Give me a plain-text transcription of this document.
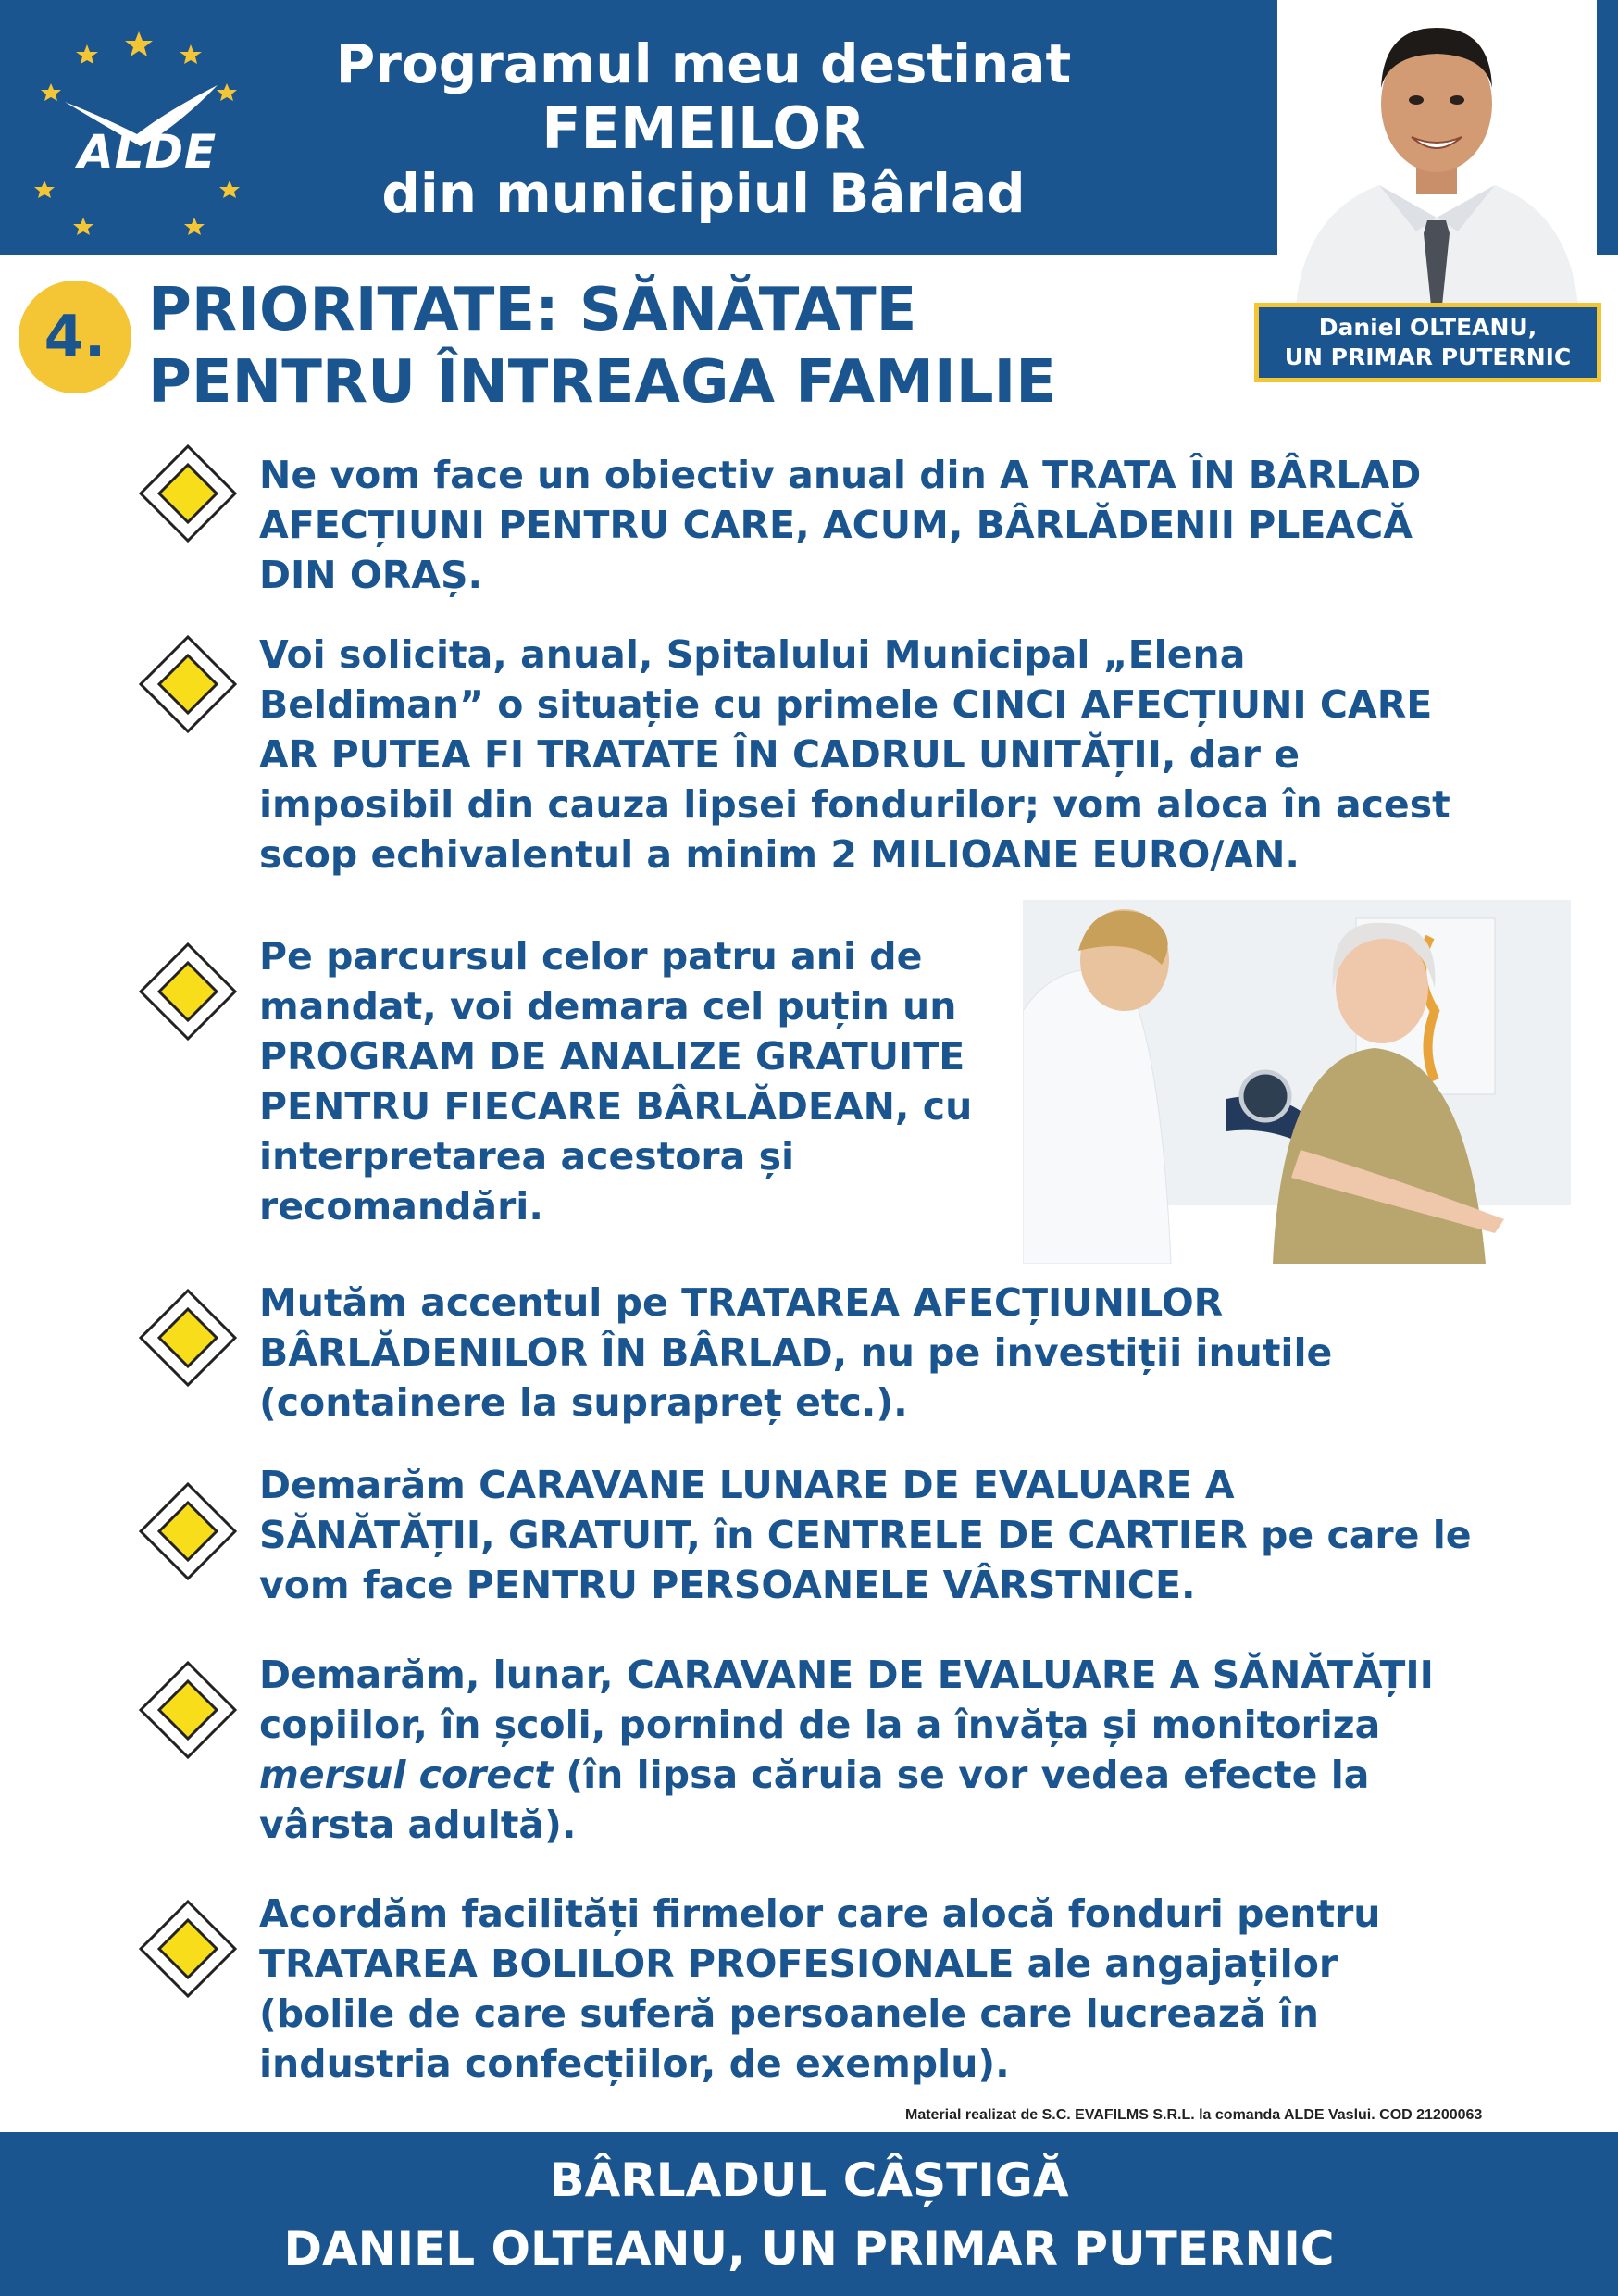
ALDE
Programul meu destinat
FEMEILOR
din municipiul Bârlad
Daniel OLTEANU,
UN PRIMAR PUTERNIC
4. PRIORITATE: SĂNĂTATE
PENTRU ÎNTREAGA FAMILIE
Ne vom face un obiectiv anual din A TRATA ÎN BÂRLAD
AFECȚIUNI PENTRU CARE, ACUM, BÂRLĂDENII PLEACĂ
DIN ORAȘ.
Voi solicita, anual, Spitalului Municipal „Elena
Beldiman” o situație cu primele CINCI AFECȚIUNI CARE
AR PUTEA FI TRATATE ÎN CADRUL UNITĂȚII, dar e
imposibil din cauza lipsei fondurilor; vom aloca în acest
scop echivalentul a minim 2 MILIOANE EURO/AN.
Pe parcursul celor patru ani de
mandat, voi demara cel puțin un
PROGRAM DE ANALIZE GRATUITE
PENTRU FIECARE BÂRLĂDEAN, cu
interpretarea acestora și
recomandări.
Mutăm accentul pe TRATAREA AFECȚIUNILOR
BÂRLĂDENILOR ÎN BÂRLAD, nu pe investiții inutile
(containere la suprapreț etc.).
Demarăm CARAVANE LUNARE DE EVALUARE A
SĂNĂTĂȚII, GRATUIT, în CENTRELE DE CARTIER pe care le
vom face PENTRU PERSOANELE VÂRSTNICE.
Demarăm, lunar, CARAVANE DE EVALUARE A SĂNĂTĂȚII
copiilor, în școli, pornind de la a învăța și monitoriza
mersul corect (în lipsa căruia se vor vedea efecte la
vârsta adultă).
Acordăm facilități firmelor care alocă fonduri pentru
TRATAREA BOLILOR PROFESIONALE ale angajaților
(bolile de care suferă persoanele care lucrează în
industria confecțiilor, de exemplu).
Material realizat de S.C. EVAFILMS S.R.L. la comanda ALDE Vaslui. COD 21200063
BÂRLADUL CÂȘTIGĂ
DANIEL OLTEANU, UN PRIMAR PUTERNIC
